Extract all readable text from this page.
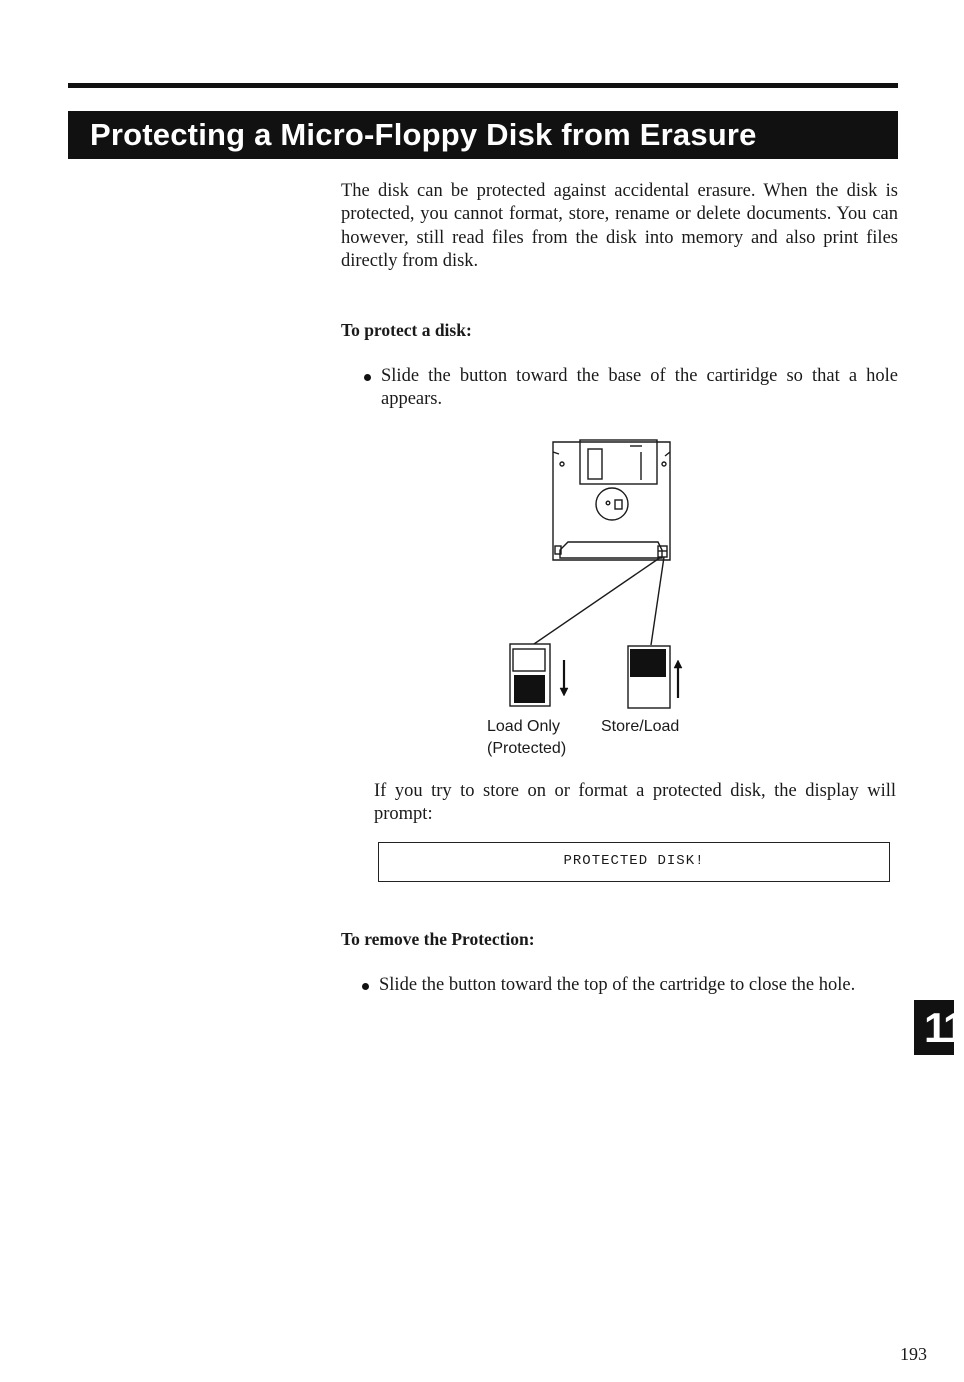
Protecting a Micro-Floppy Disk from Erasure

The disk can be protected against accidental erasure. When the disk is protected, you cannot format, store, rename or delete documents. You can however, still read files from the disk into memory and also print files directly from disk.

To protect a disk:

Slide the button toward the base of the cartiridge so that a hole appears.
Load Only
(Protected)
Store/Load

If you try to store on or format a protected disk, the display will prompt:

PROTECTED DISK!

To remove the Protection:

Slide the button toward the top of the cartridge to close the hole.
11
193
